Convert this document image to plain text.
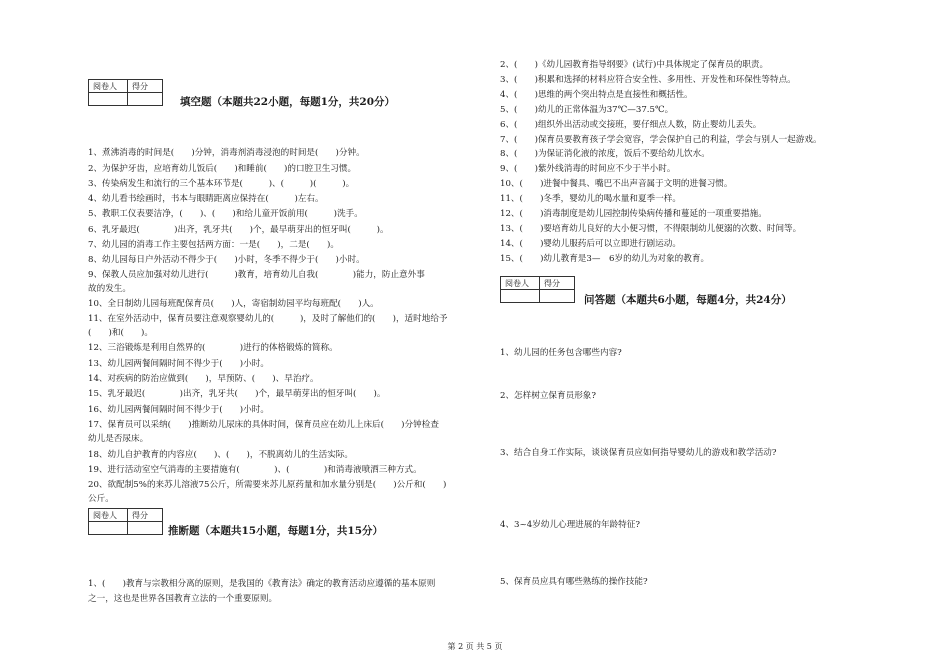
阅卷人	得分

填空题（本题共22小题，每题1分，共20分）
1、煮沸消毒的时间是(　　)分钟，消毒剂消毒浸泡的时间是(　　)分钟。
2、为保护牙齿，应培育幼儿饭后(　　)和睡前(　　)的口腔卫生习惯。
3、传染病发生和流行的三个基本环节是(　　　)、(　　　)(　　　)。
4、幼儿看书绘画时，书本与眼睛距离应保持在(　　　)左右。
5、教职工仪表要洁净，(　　)、(　　)和给儿童开饭前用(　　　)洗手。
6、乳牙最迟(　　　　)出齐，乳牙共(　　)个，最早萌芽出的恒牙叫(　　　)。
7、幼儿园的消毒工作主要包括两方面：一是(　　)，二是(　　)。
8、幼儿园每日户外活动不得少于(　　)小时，冬季不得少于(　　)小时。
9、保教人员应加强对幼儿进行(　　　)教育，培育幼儿自我(　　　　)能力，防止意外事
故的发生。
10、全日制幼儿园每班配保育员(　　)人，寄宿制幼园平均每班配(　　)人。
11、在室外活动中，保育员要注意观察婴幼儿的(　　　)，及时了解他们的(　　)，适时地给予
(　　)和(　　)。
12、三浴锻炼是利用自然界的(　　　　)进行的体格锻炼的简称。
13、幼儿园两餐间隔时间不得少于(　　)小时。
14、对疾病的防治应做到(　　)，早预防、(　　)、早治疗。
15、乳牙最迟(　　　　)出齐，乳牙共(　　)个，最早萌芽出的恒牙叫(　　)。
16、幼儿园两餐间隔时间不得少于(　　)小时。
17、保育员可以采纳(　　)推断幼儿尿床的具体时间，保育员应在幼儿上床后(　　)分钟检查
幼儿是否尿床。
18、幼儿自护教育的内容应(　　)、(　　)，不脱离幼儿的生活实际。
19、进行活动室空气消毒的主要措施有(　　　　)、(　　　　)和消毒液喷洒三种方式。
20、欲配制5%的来苏儿溶液75公斤，所需要来苏儿原药量和加水量分别是(　　)公斤和(　　)
公斤。
阅卷人	得分

推断题（本题共15小题，每题1分，共15分）
1、(　　)教育与宗教相分离的原则，是我国的《教育法》确定的教育活动应遵循的基本原则
之一，这也是世界各国教育立法的一个重要原则。
2、(　　)《幼儿园教育指导纲要》(试行)中具体规定了保育员的职责。
3、(　　)积累和选择的材料应符合安全性、多用性、开发性和环保性等特点。
4、(　　)思维的两个突出特点是直接性和概括性。
5、(　　)幼儿的正常体温为37℃—37.5℃。
6、(　　)组织外出活动或交接班，要仔细点人数，防止婴幼儿丢失。
7、(　　)保育员要教育孩子学会宽容，学会保护自己的利益，学会与别人一起游戏。
8、(　　)为保证消化液的浓度，饭后不要给幼儿饮水。
9、(　　)紫外线消毒的时间应不少于半小时。
10、(　　)进餐中餐具、嘴巴不出声音属于文明的进餐习惯。
11、(　　)冬季，婴幼儿的喝水量和夏季一样。
12、(　　)消毒制度是幼儿园控制传染病传播和蔓延的一项重要措施。
13、(　　)要培育幼儿良好的大小便习惯，不得限制幼儿便溺的次数、时间等。
14、(　　)婴幼儿服药后可以立即进行剧运动。
15、(　　)幼儿教育是3—　6岁的幼儿为对象的教育。
阅卷人	得分

问答题（本题共6小题，每题4分，共24分）
1、幼儿园的任务包含哪些内容?
2、怎样树立保育员形象?
3、结合自身工作实际，谈谈保育员应如何指导婴幼儿的游戏和教学活动?
4、3~4岁幼儿心理进展的年龄特征?
5、保育员应具有哪些熟练的操作技能?
第 2 页 共 5 页
